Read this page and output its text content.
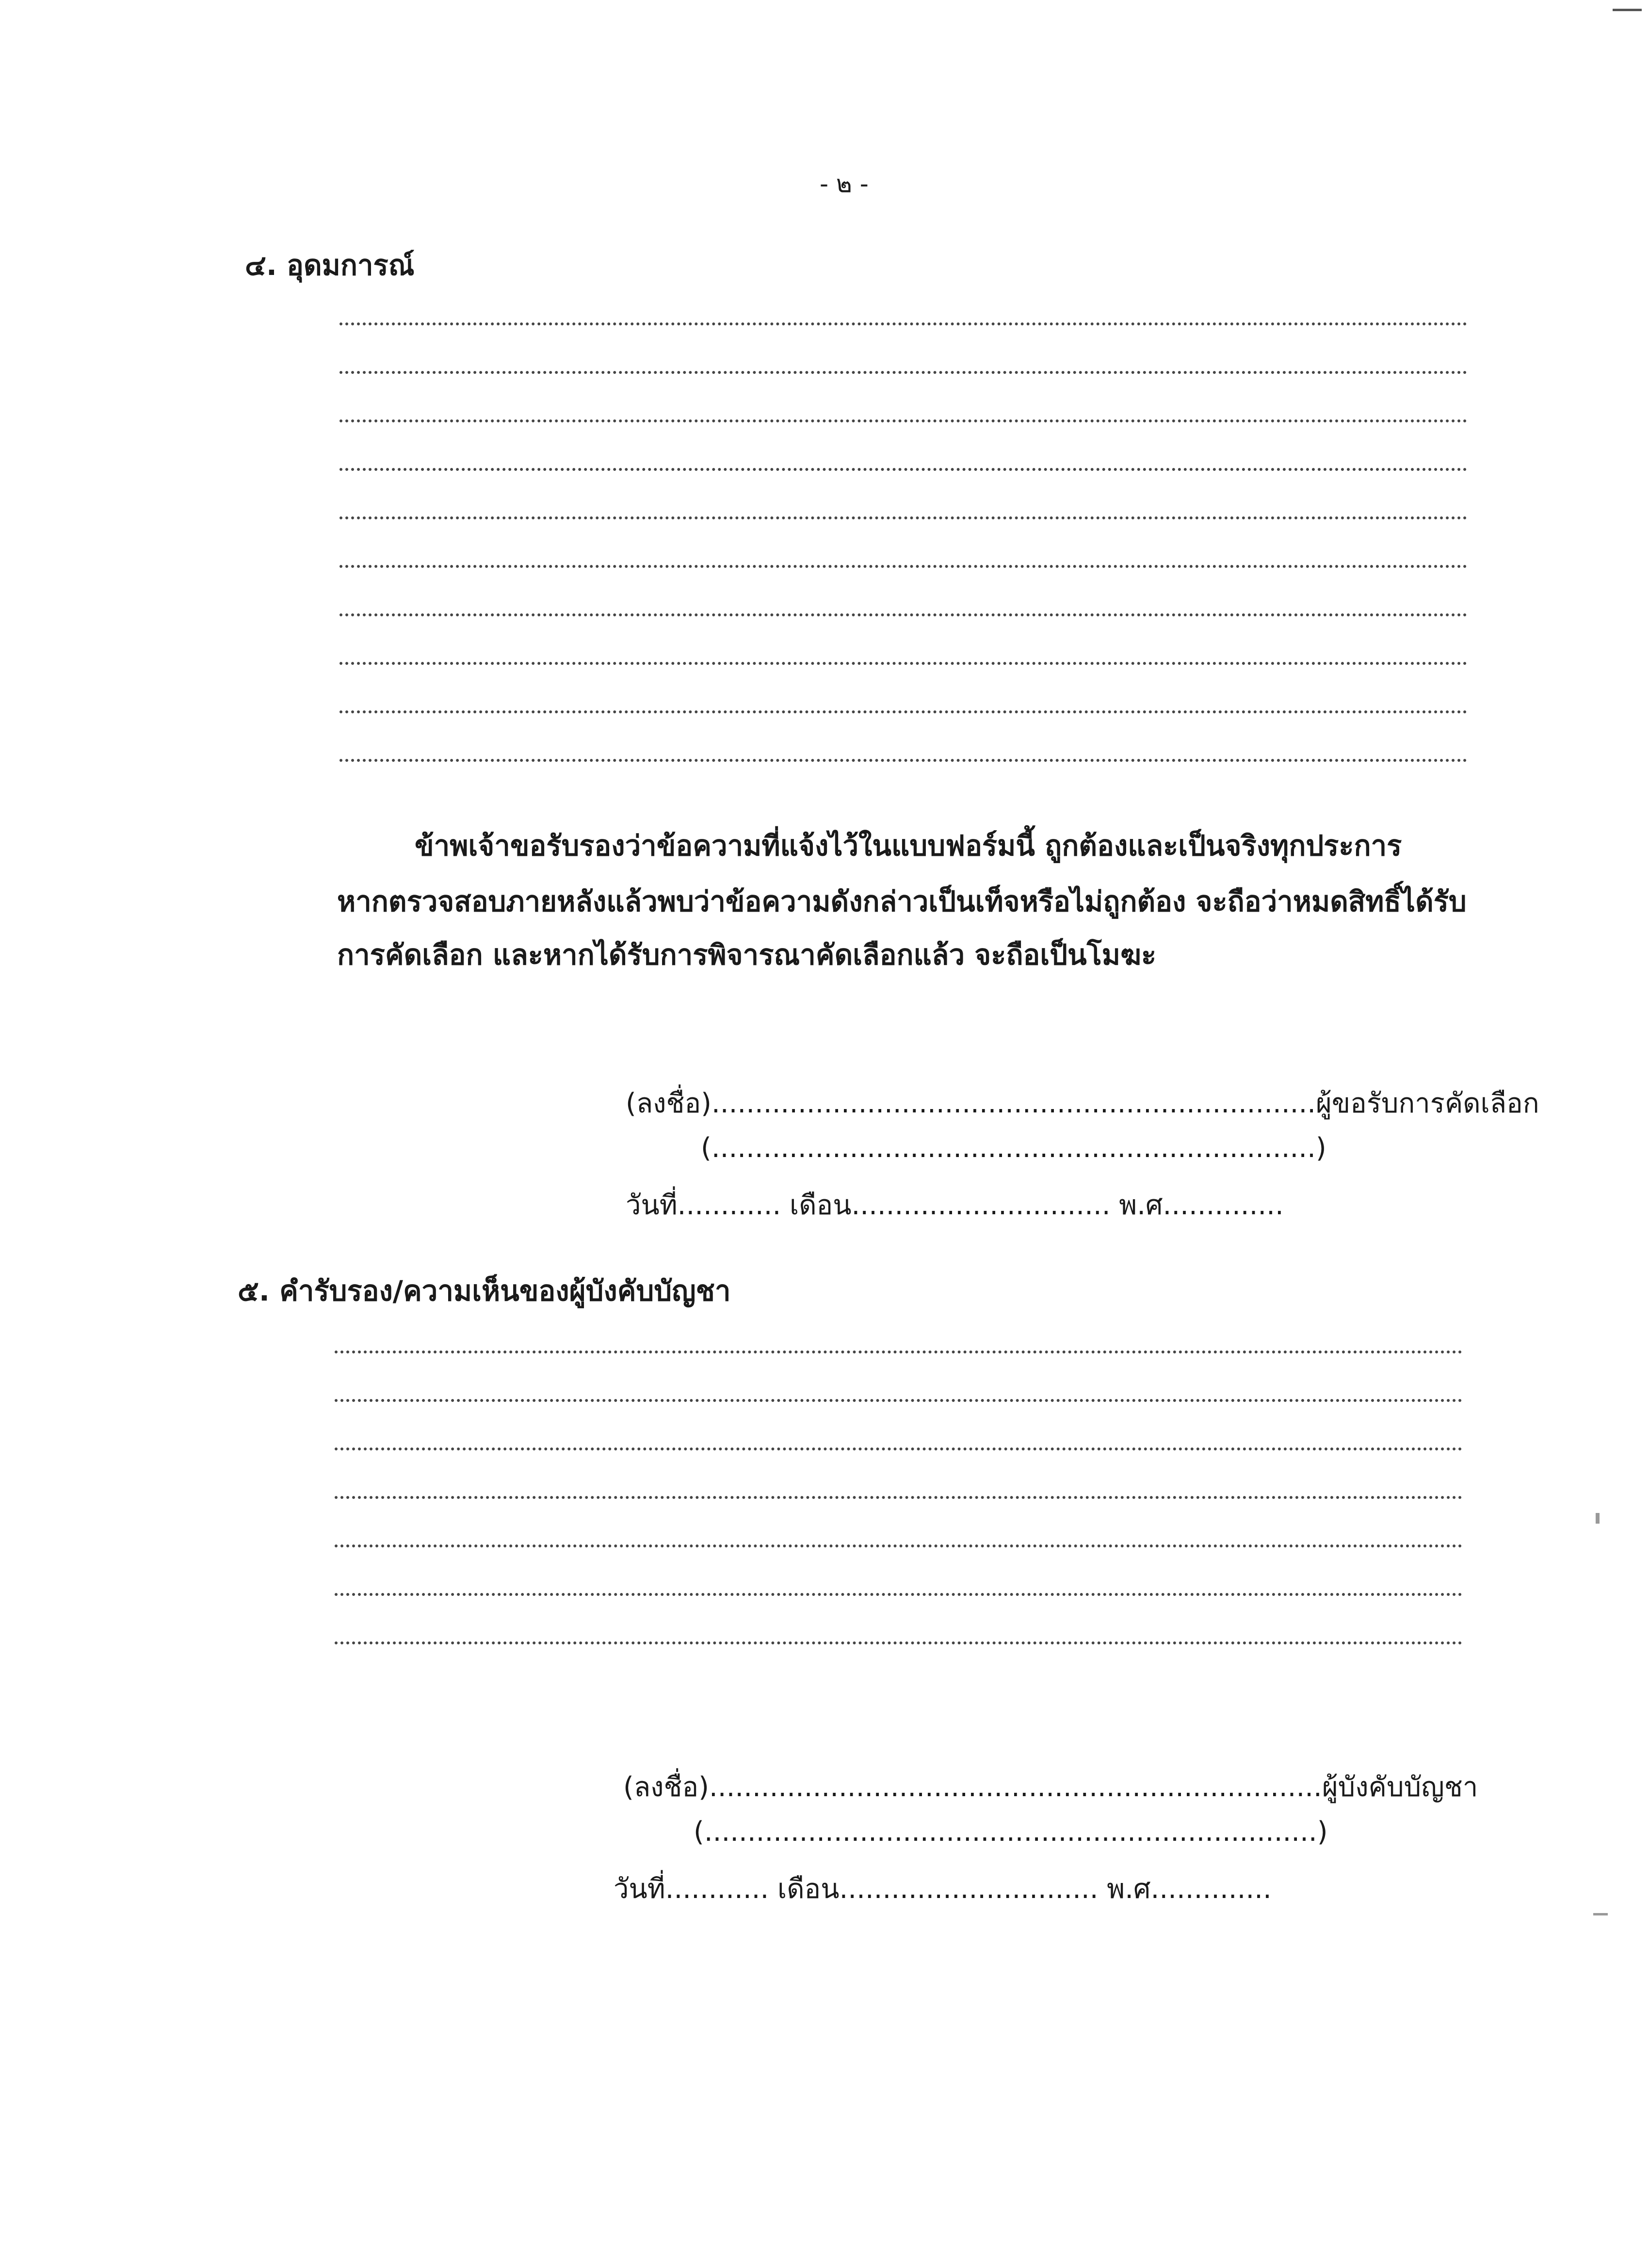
- ๒ -
๔. อุดมการณ์
ข้าพเจ้าขอรับรองว่าข้อความที่แจ้งไว้ในแบบฟอร์มนี้ ถูกต้องและเป็นจริงทุกประการ
หากตรวจสอบภายหลังแล้วพบว่าข้อความดังกล่าวเป็นเท็จหรือไม่ถูกต้อง จะถือว่าหมดสิทธิ์ได้รับ
การคัดเลือก และหากได้รับการพิจารณาคัดเลือกแล้ว จะถือเป็นโมฆะ
(ลงชื่อ)......................................................................ผู้ขอรับการคัดเลือก
(......................................................................)
วันที่............ เดือน.............................. พ.ศ..............
๕. คำรับรอง/ความเห็นของผู้บังคับบัญชา
(ลงชื่อ).......................................................................ผู้บังคับบัญชา
(.......................................................................)
วันที่............ เดือน.............................. พ.ศ..............
